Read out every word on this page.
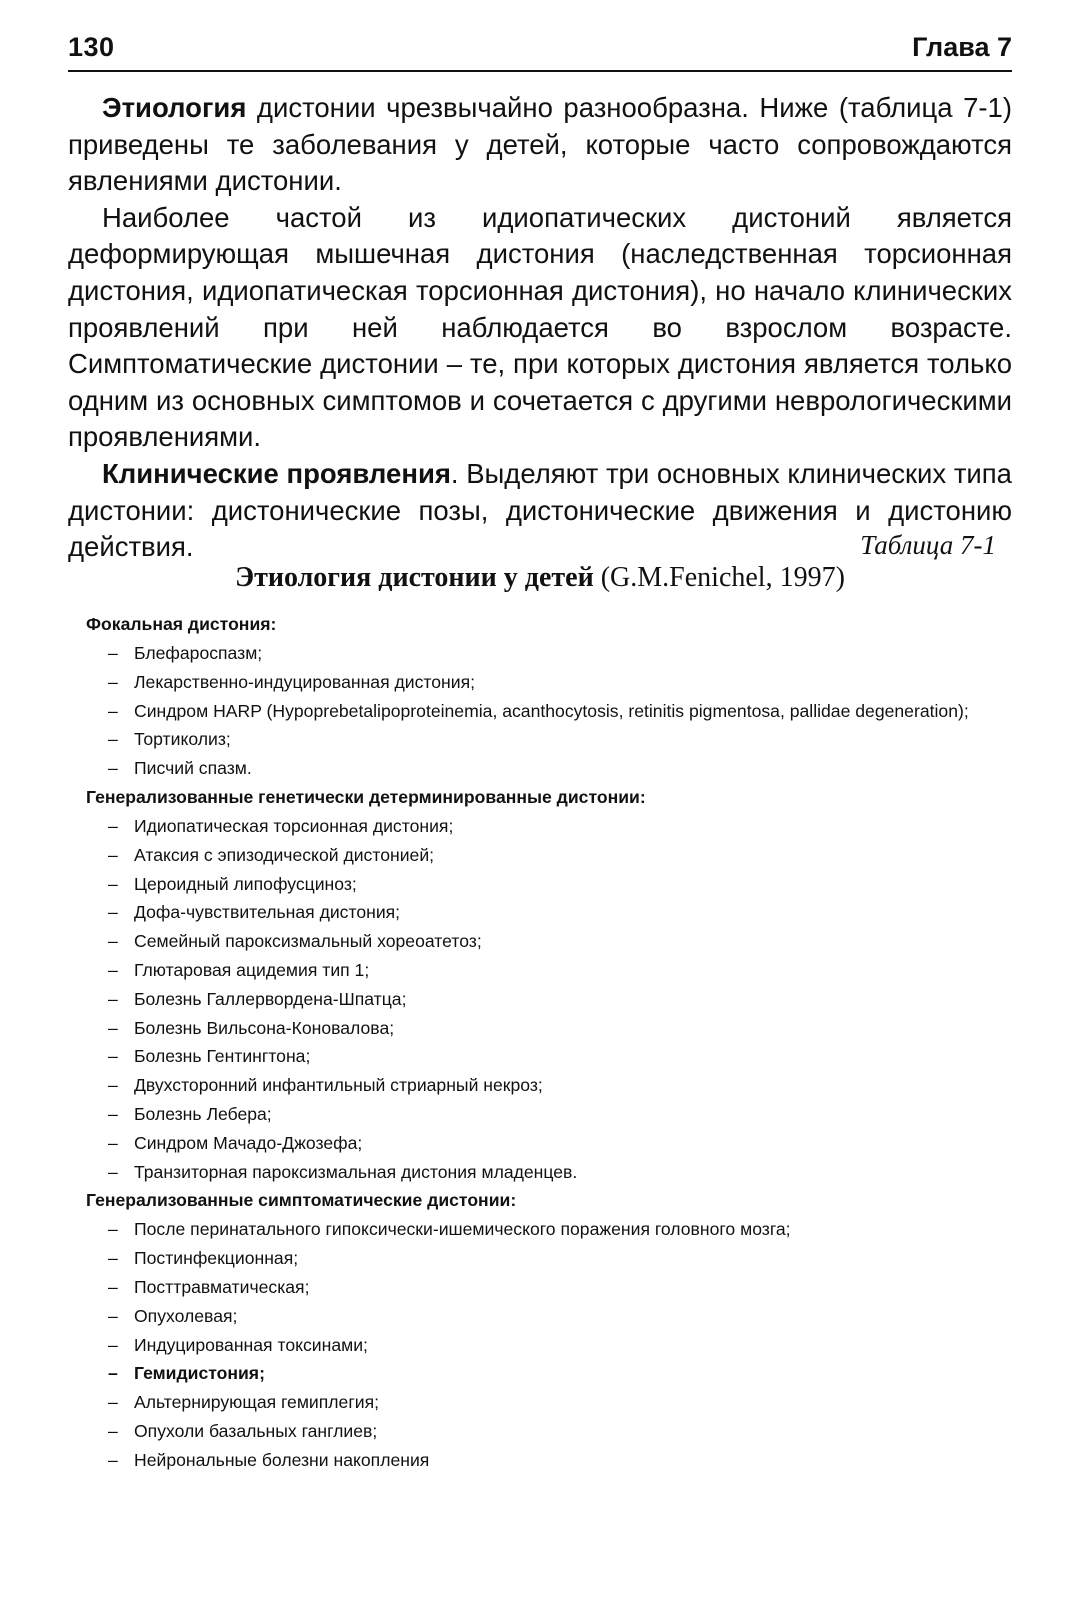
130	Глава 7

Этиология дистонии чрезвычайно разнообразна. Ниже (таблица 7-1) приведены те заболевания у детей, которые часто сопровождаются явлениями дистонии.

Наиболее частой из идиопатических дистоний является деформирующая мышечная дистония (наследственная торсионная дистония, идиопатическая торсионная дистония), но начало клинических проявлений при ней наблюдается во взрослом возрасте. Симптоматические дистонии – те, при которых дистония является только одним из основных симптомов и сочетается с другими неврологическими проявлениями.

Клинические проявления. Выделяют три основных клинических типа дистонии: дистонические позы, дистонические движения и дистонию действия.	Таблица 7-1
Этиология дистонии у детей (G.M.Fenichel, 1997)
Фокальная дистония:
– Блефароспазм;
– Лекарственно-индуцированная дистония;
– Синдром HARP (Hypoprebetalipoproteinemia, acanthocytosis, retinitis pigmentosa, pallidae degeneration);
– Тортиколиз;
– Писчий спазм.
Генерализованные генетически детерминированные дистонии:
– Идиопатическая торсионная дистония;
– Атаксия с эпизодической дистонией;
– Цероидный липофусциноз;
– Дофа-чувствительная дистония;
– Семейный пароксизмальный хореоатетоз;
– Глютаровая ацидемия тип 1;
– Болезнь Галлервордена-Шпатца;
– Болезнь Вильсона-Коновалова;
– Болезнь Гентингтона;
– Двухсторонний инфантильный стриарный некроз;
– Болезнь Лебера;
– Синдром Мачадо-Джозефа;
– Транзиторная пароксизмальная дистония младенцев.
Генерализованные симптоматические дистонии:
– После перинатального гипоксически-ишемического поражения головного мозга;
– Постинфекционная;
– Посттравматическая;
– Опухолевая;
– Индуцированная токсинами;
– Гемидистония;
– Альтернирующая гемиплегия;
– Опухоли базальных ганглиев;
– Нейрональные болезни накопления
